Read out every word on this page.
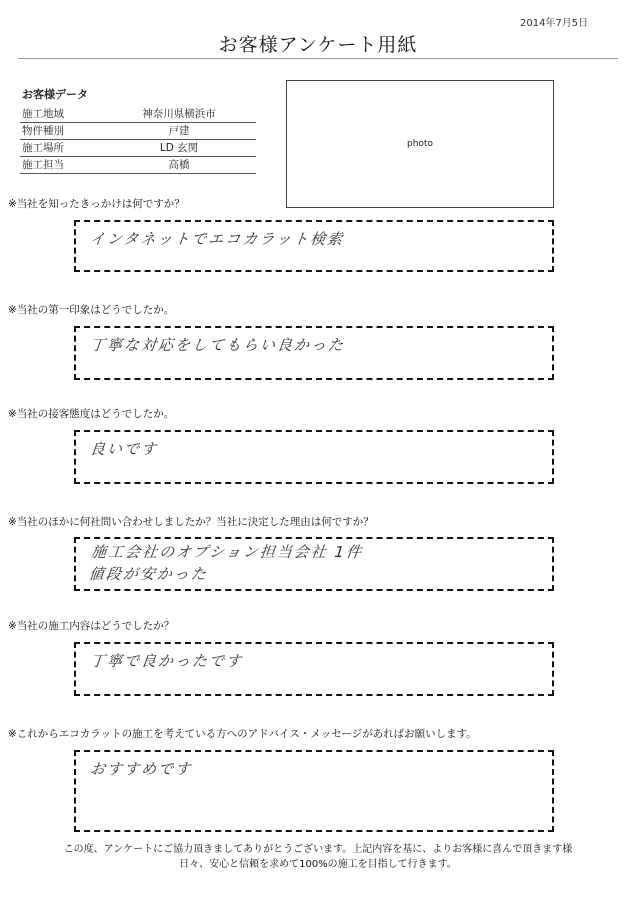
2014年7月5日
お客様アンケート用紙
お客様データ
施工地域	神奈川県横浜市
物件種別	戸建
施工場所	LD 玄関
施工担当	高橋
photo
※当社を知ったきっかけは何ですか？
インタネットでエコカラット検索
※当社の第一印象はどうでしたか。
丁寧な対応をしてもらい良かった
※当社の接客態度はどうでしたか。
良いです
※当社のほかに何社問い合わせしましたか？当社に決定した理由は何ですか？
施工会社のオプション担当会社 1件
値段が安かった
※当社の施工内容はどうでしたか？
丁寧で良かったです
※これからエコカラットの施工を考えている方へのアドバイス・メッセージがあればお願いします。
おすすめです
この度、アンケートにご協力頂きましてありがとうございます。上記内容を基に、よりお客様に喜んで頂きます様
日々、安心と信頼を求めて100%の施工を目指して行きます。
